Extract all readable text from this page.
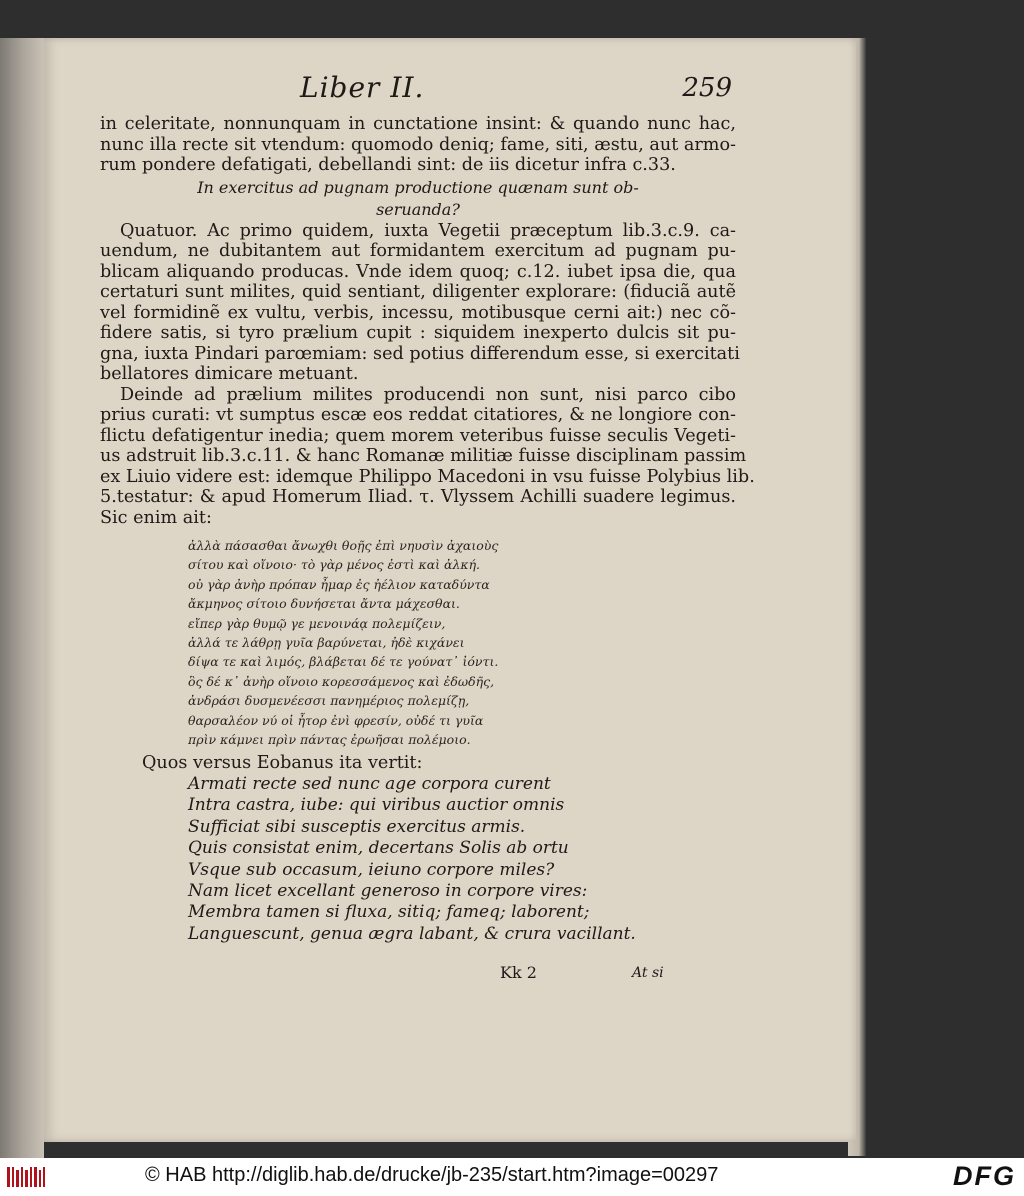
Liber II.	259
in celeritate, nonnunquam in cunctatione insint: & quando nunc hac,
nunc illa recte sit vtendum: quomodo deniq; fame, siti, æstu, aut armo-
rum pondere defatigati, debellandi sint: de iis dicetur infra c.33.
In exercitus ad pugnam productione quænam sunt ob-
seruanda?
Quatuor. Ac primo quidem, iuxta Vegetii præceptum lib.3.c.9. ca-
uendum, ne dubitantem aut formidantem exercitum ad pugnam pu-
blicam aliquando producas. Vnde idem quoq; c.12. iubet ipsa die, qua
certaturi sunt milites, quid sentiant, diligenter explorare: (fiduciã autẽ
vel formidinẽ ex vultu, verbis, incessu, motibusque cerni ait:) nec cõ-
fidere satis, si tyro prælium cupit : siquidem inexperto dulcis sit pu-
gna, iuxta Pindari parœmiam: sed potius differendum esse, si exercitati
bellatores dimicare metuant.
Deinde ad prælium milites producendi non sunt, nisi parco cibo
prius curati: vt sumptus escæ eos reddat citatiores, & ne longiore con-
flictu defatigentur inedia; quem morem veteribus fuisse seculis Vegeti-
us adstruit lib.3.c.11. & hanc Romanæ militiæ fuisse disciplinam passim
ex Liuio videre est: idemque Philippo Macedoni in vsu fuisse Polybius lib.
5.testatur: & apud Homerum Iliad. τ. Vlyssem Achilli suadere legimus.
Sic enim ait:
ἀλλὰ πάσασθαι ἄνωχθι θοῇς ἐπὶ νηυσὶν ἀχαιοὺς
σίτου καὶ οἴνοιο· τὸ γὰρ μένος ἐστὶ καὶ ἀλκή.
οὐ γὰρ ἀνὴρ πρόπαν ἦμαρ ἐς ἠέλιον καταδύντα
ἄκμηνος σίτοιο δυνήσεται ἄντα μάχεσθαι.
εἴπερ γὰρ θυμῷ γε μενοινάᾳ πολεμίζειν,
ἀλλά τε λάθρῃ γυῖα βαρύνεται, ἠδὲ κιχάνει
δίψα τε καὶ λιμός, βλάβεται δέ τε γούνατ᾽ ἰόντι.
ὃς δέ κ᾽ ἀνὴρ οἴνοιο κορεσσάμενος καὶ ἐδωδῆς,
ἀνδράσι δυσμενέεσσι πανημέριος πολεμίζῃ,
θαρσαλέον νύ οἱ ἦτορ ἐνὶ φρεσίν, οὐδέ τι γυῖα
πρὶν κάμνει πρὶν πάντας ἐρωῆσαι πολέμοιο.
Quos versus Eobanus ita vertit:
Armati recte sed nunc age corpora curent
Intra castra, iube: qui viribus auctior omnis
Sufficiat sibi susceptis exercitus armis.
Quis consistat enim, decertans Solis ab ortu
Vsque sub occasum, ieiuno corpore miles?
Nam licet excellant generoso in corpore vires:
Membra tamen si fluxa, sitiq; fameq; laborent;
Languescunt, genua ægra labant, & crura vacillant.
Kk 2	At si
© HAB http://diglib.hab.de/drucke/jb-235/start.htm?image=00297	DFG
